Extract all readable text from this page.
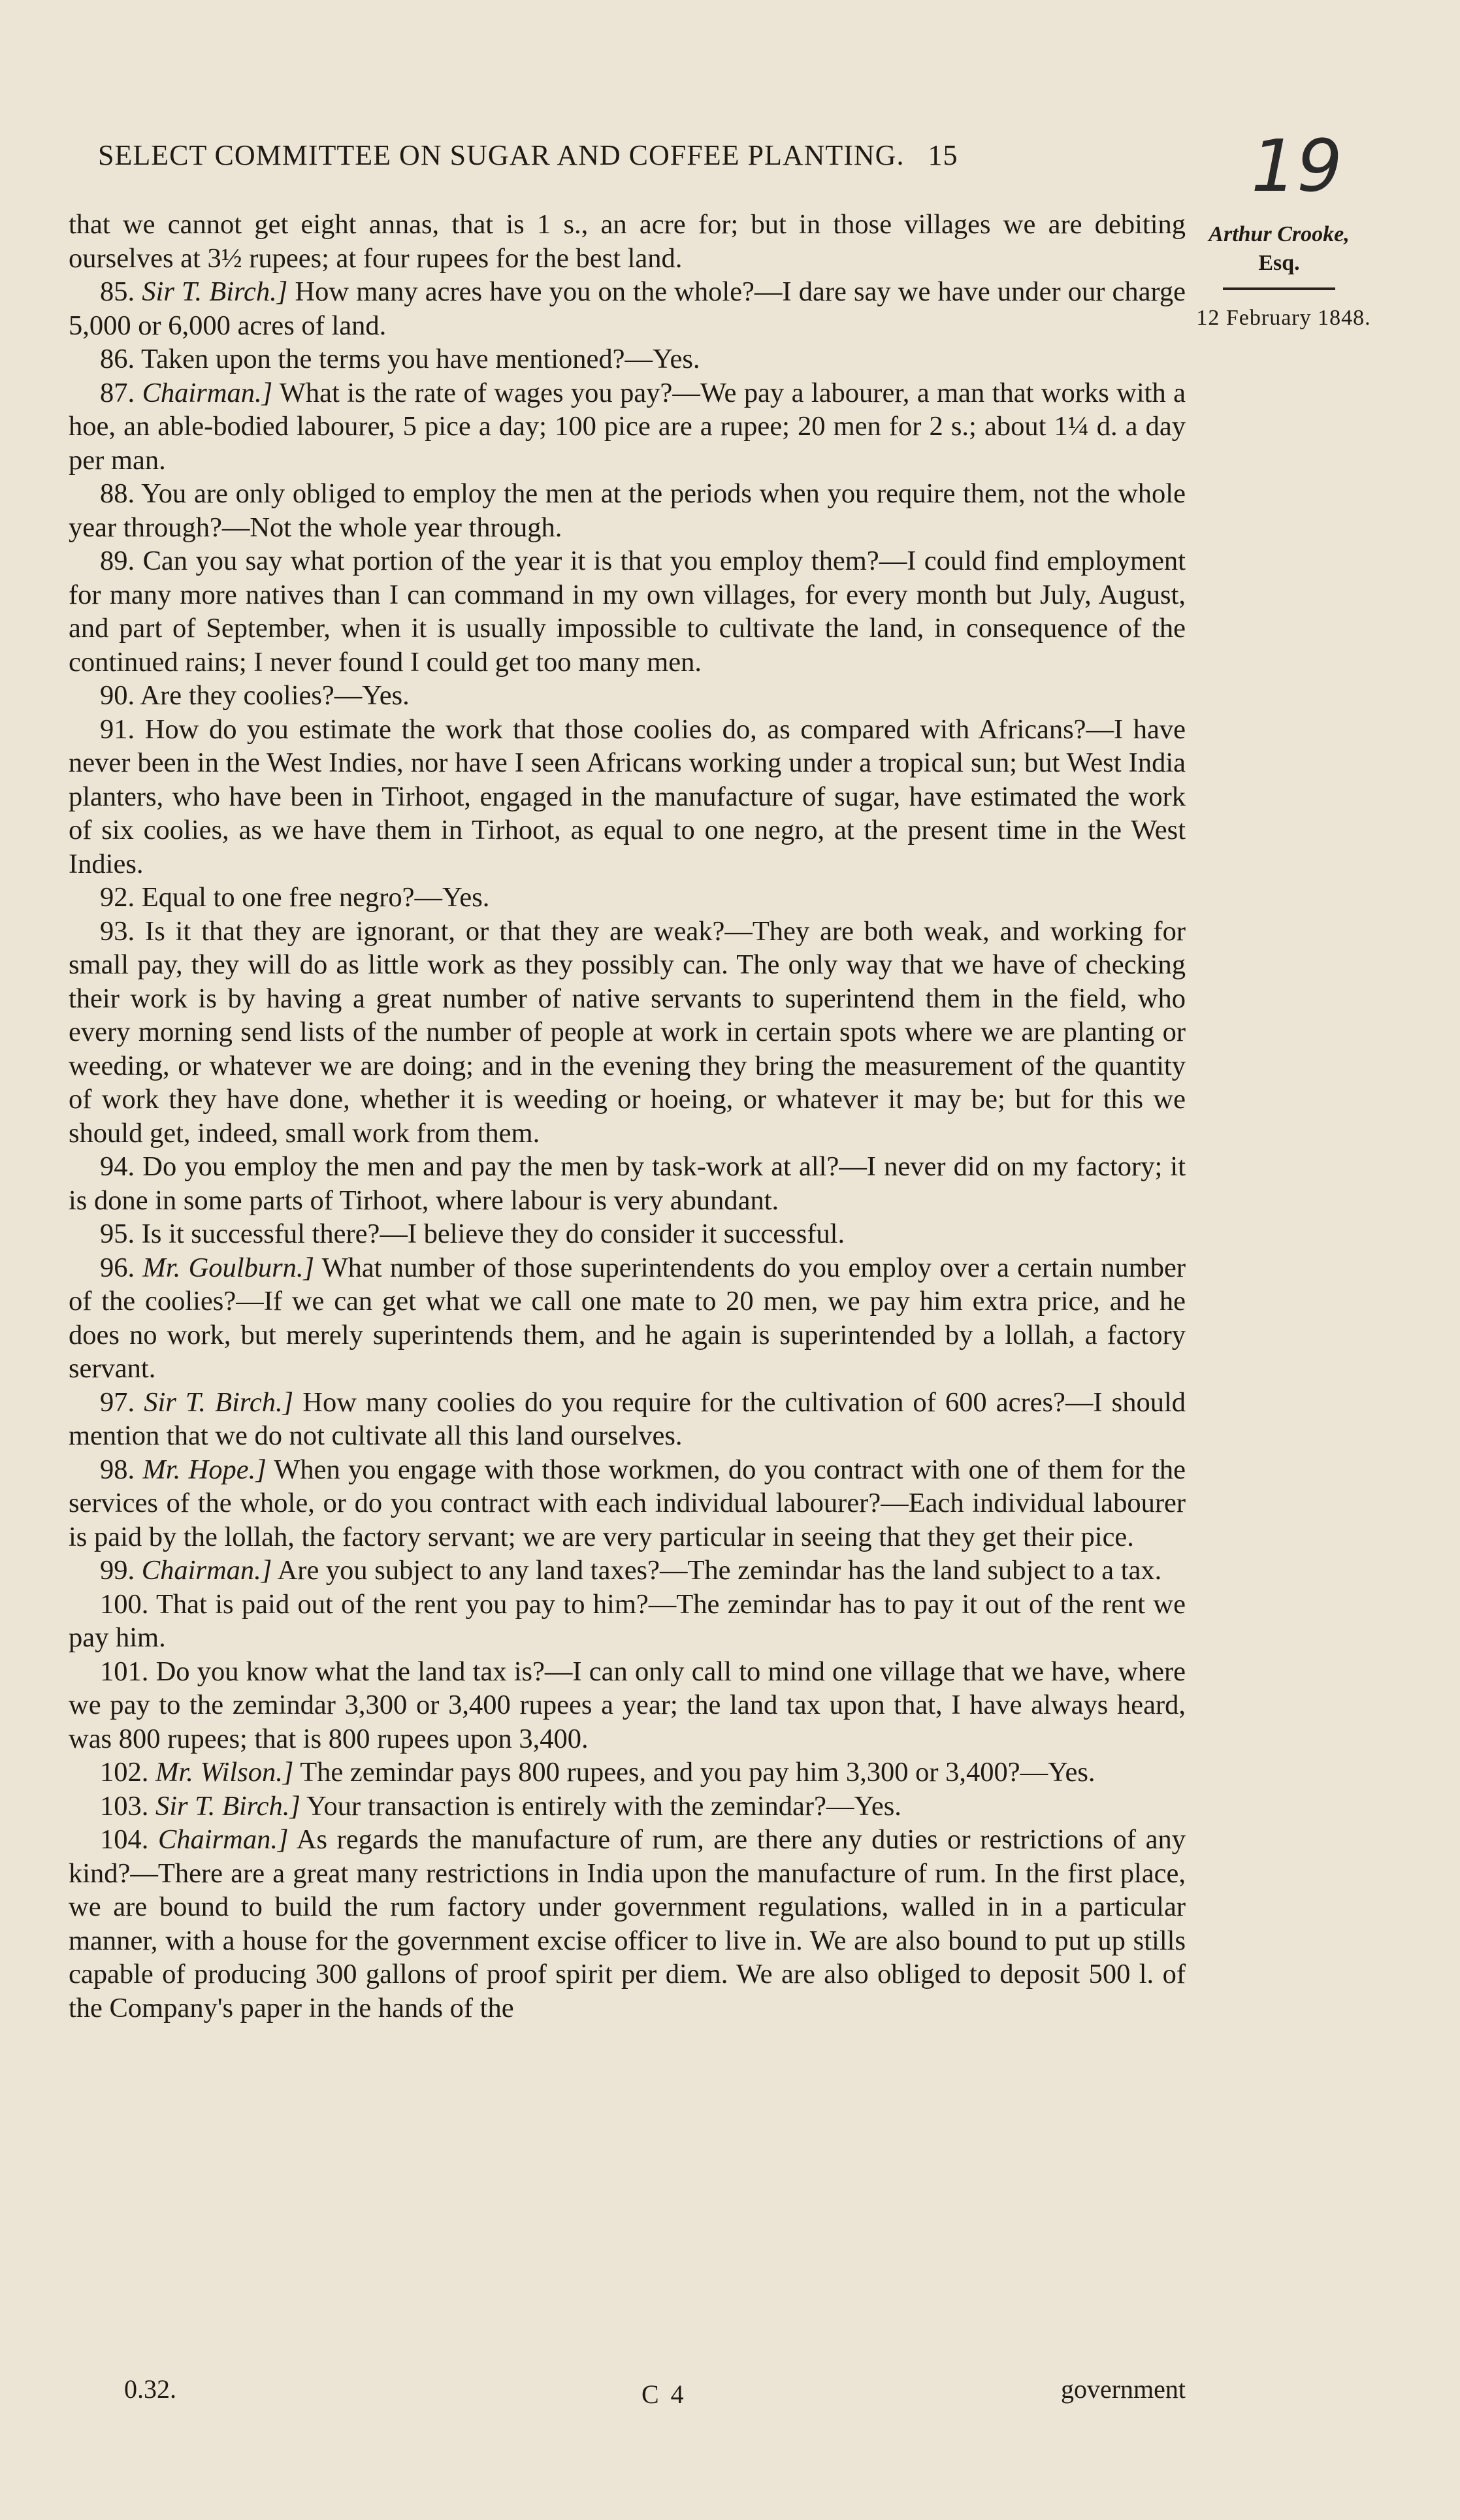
SELECT COMMITTEE ON SUGAR AND COFFEE PLANTING. 15	19
Arthur Crooke,
Esq.
12 February 1848.

that we cannot get eight annas, that is 1 s., an acre for; but in those villages we are debiting ourselves at 3½ rupees; at four rupees for the best land.

85. Sir T. Birch.] How many acres have you on the whole?—I dare say we have under our charge 5,000 or 6,000 acres of land.

86. Taken upon the terms you have mentioned?—Yes.

87. Chairman.] What is the rate of wages you pay?—We pay a labourer, a man that works with a hoe, an able-bodied labourer, 5 pice a day; 100 pice are a rupee; 20 men for 2 s.; about 1¼ d. a day per man.

88. You are only obliged to employ the men at the periods when you require them, not the whole year through?—Not the whole year through.

89. Can you say what portion of the year it is that you employ them?—I could find employment for many more natives than I can command in my own villages, for every month but July, August, and part of September, when it is usually impossible to cultivate the land, in consequence of the continued rains; I never found I could get too many men.

90. Are they coolies?—Yes.

91. How do you estimate the work that those coolies do, as compared with Africans?—I have never been in the West Indies, nor have I seen Africans working under a tropical sun; but West India planters, who have been in Tirhoot, engaged in the manufacture of sugar, have estimated the work of six coolies, as we have them in Tirhoot, as equal to one negro, at the present time in the West Indies.

92. Equal to one free negro?—Yes.

93. Is it that they are ignorant, or that they are weak?—They are both weak, and working for small pay, they will do as little work as they possibly can. The only way that we have of checking their work is by having a great number of native servants to superintend them in the field, who every morning send lists of the number of people at work in certain spots where we are planting or weeding, or whatever we are doing; and in the evening they bring the measurement of the quantity of work they have done, whether it is weeding or hoeing, or whatever it may be; but for this we should get, indeed, small work from them.

94. Do you employ the men and pay the men by task-work at all?—I never did on my factory; it is done in some parts of Tirhoot, where labour is very abundant.

95. Is it successful there?—I believe they do consider it successful.

96. Mr. Goulburn.] What number of those superintendents do you employ over a certain number of the coolies?—If we can get what we call one mate to 20 men, we pay him extra price, and he does no work, but merely superintends them, and he again is superintended by a lollah, a factory servant.

97. Sir T. Birch.] How many coolies do you require for the cultivation of 600 acres?—I should mention that we do not cultivate all this land ourselves.

98. Mr. Hope.] When you engage with those workmen, do you contract with one of them for the services of the whole, or do you contract with each individual labourer?—Each individual labourer is paid by the lollah, the factory servant; we are very particular in seeing that they get their pice.

99. Chairman.] Are you subject to any land taxes?—The zemindar has the land subject to a tax.

100. That is paid out of the rent you pay to him?—The zemindar has to pay it out of the rent we pay him.

101. Do you know what the land tax is?—I can only call to mind one village that we have, where we pay to the zemindar 3,300 or 3,400 rupees a year; the land tax upon that, I have always heard, was 800 rupees; that is 800 rupees upon 3,400.

102. Mr. Wilson.] The zemindar pays 800 rupees, and you pay him 3,300 or 3,400?—Yes.

103. Sir T. Birch.] Your transaction is entirely with the zemindar?—Yes.

104. Chairman.] As regards the manufacture of rum, are there any duties or restrictions of any kind?—There are a great many restrictions in India upon the manufacture of rum. In the first place, we are bound to build the rum factory under government regulations, walled in in a particular manner, with a house for the government excise officer to live in. We are also bound to put up stills capable of producing 300 gallons of proof spirit per diem. We are also obliged to deposit 500 l. of the Company's paper in the hands of the

0.32.	C 4	government
